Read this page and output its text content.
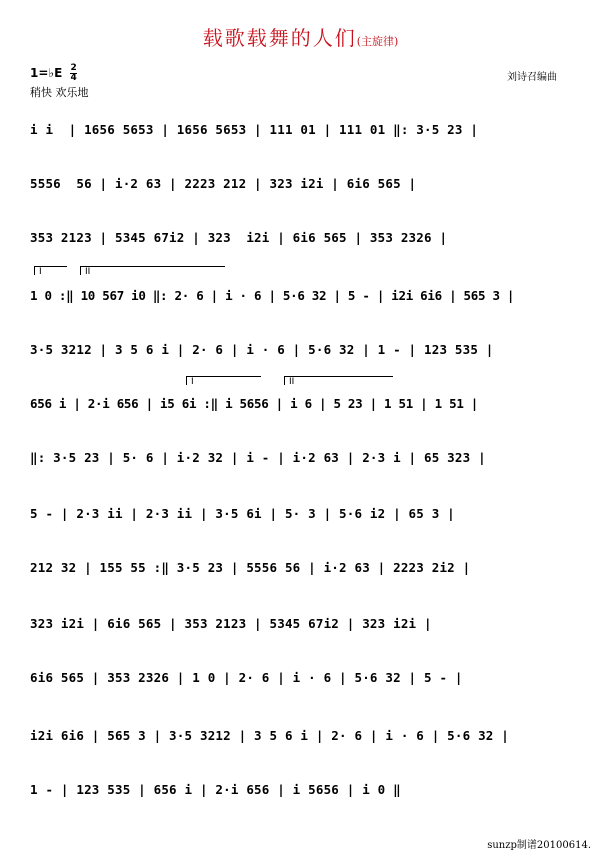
载歌载舞的人们(主旋律)
1=♭E $\frac{2}{4}$
稍快 欢乐地
刘诗召编曲
I	II
I	II
i i  | 1656 5653 | 1656 5653 | 111 01 | 111 01 ‖: 3·5 23 |
5556  56 | i·2 63 | 2223 212 | 323 i2i | 6i6 565 |
353 2123 | 5345 67i2 | 323  i2i | 6i6 565 | 353 2326 |
1 0 :‖ 10 567 i0 ‖: 2· 6 | i · 6 | 5·6 32 | 5 - | i2i 6i6 | 565 3 |
3·5 3212 | 3 5 6 i | 2· 6 | i · 6 | 5·6 32 | 1 - | 123 535 |
656 i | 2·i 656 | i5 6i :‖ i 5656 | i 6 | 5 23 | 1 51 | 1 51 |
‖: 3·5 23 | 5· 6 | i·2 32 | i - | i·2 63 | 2·3 i | 65 323 |
5 - | 2·3 ii | 2·3 ii | 3·5 6i | 5· 3 | 5·6 i2 | 65 3 |
212 32 | 155 55 :‖ 3·5 23 | 5556 56 | i·2 63 | 2223 2i2 |
323 i2i | 6i6 565 | 353 2123 | 5345 67i2 | 323 i2i |
6i6 565 | 353 2326 | 1 0 | 2· 6 | i · 6 | 5·6 32 | 5 - |
i2i 6i6 | 565 3 | 3·5 3212 | 3 5 6 i | 2· 6 | i · 6 | 5·6 32 |
1 - | 123 535 | 656 i | 2·i 656 | i 5656 | i 0 ‖
sunzp制谱20100614.
